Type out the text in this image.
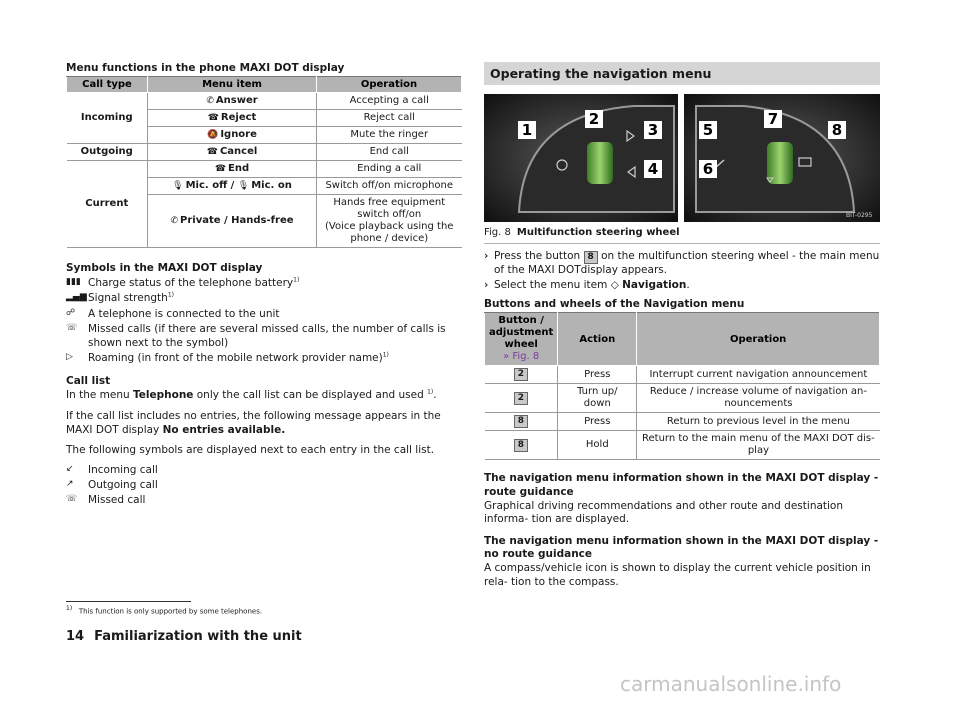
Menu functions in the phone MAXI DOT display
Call type	Menu item	Operation
Incoming	✆ Answer	Accepting a call
	☎ Reject	Reject call
	🔕 Ignore	Mute the ringer
Outgoing	☎ Cancel	End call
Current	☎ End	Ending a call
	🎙 Mic. off / 🎙 Mic. on	Switch off/on microphone
	✆ Private / Hands-free	Hands free equipment switch off/on
(Voice playback using the phone / device)
Symbols in the MAXI DOT display
▮▮▮ Charge status of the telephone battery$^{1)}$
▂▄▆ Signal strength$^{1)}$
☍	A telephone is connected to the unit
☏	Missed calls (if there are several missed calls, the number of calls is shown next to the symbol)
▷	Roaming (in front of the mobile network provider name)$^{1)}$
Call list

In the menu Telephone only the call list can be displayed and used $^{1)}$.

If the call list includes no entries, the following message appears in the MAXI DOT display No entries available.

The following symbols are displayed next to each entry in the call list.

↙	Incoming call
↗	Outgoing call
☏	Missed call
Operating the navigation menu
BIT-0295
1
2
3
4
5
6
7
8
Fig. 8 Multifunction steering wheel
› Press the button 8 on the multifunction steering wheel - the main menu of the MAXI DOTdisplay appears.
› Select the menu item ◇ Navigation.
Buttons and wheels of the Navigation menu
Button / adjustment wheel
» Fig. 8	Action	Operation
2	Press	Interrupt current navigation announcement
2	Turn up/ down	Reduce / increase volume of navigation an- nouncements
8	Press	Return to previous level in the menu
8	Hold	Return to the main menu of the MAXI DOT dis- play
The navigation menu information shown in the MAXI DOT display - route guidance
Graphical driving recommendations and other route and destination informa- tion are displayed.
The navigation menu information shown in the MAXI DOT display - no route guidance
A compass/vehicle icon is shown to display the current vehicle position in rela- tion to the compass.
$^{1)}$ This function is only supported by some telephones.
14 Familiarization with the unit
carmanualsonline.info
